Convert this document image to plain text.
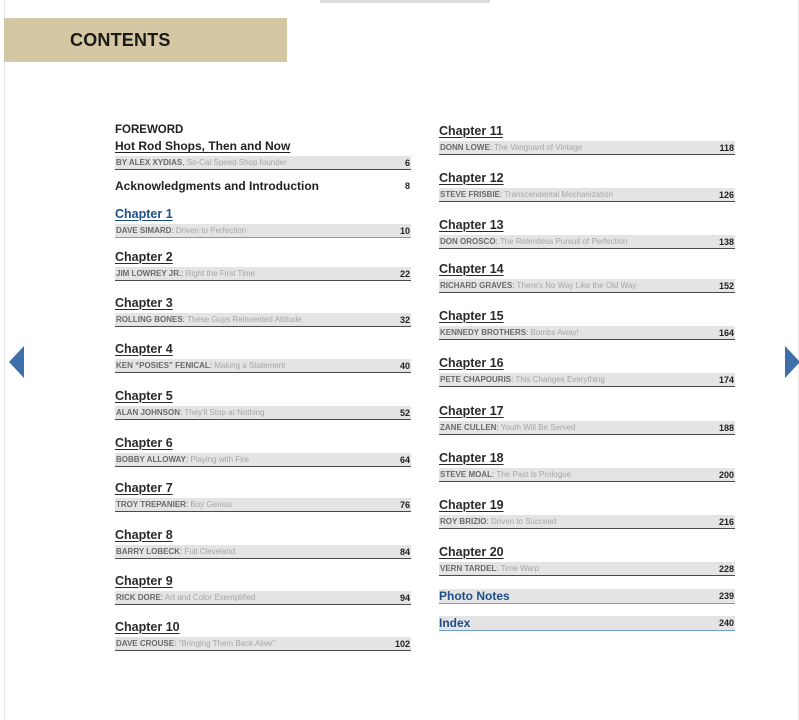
CONTENTS
FOREWORD
Hot Rod Shops, Then and Now
BY ALEX XYDIAS, So-Cal Speed Shop founder	6
Acknowledgments and Introduction	8
Chapter 1
DAVE SIMARD: Driven to Perfection	10
Chapter 2
JIM LOWREY JR.: Right the First Time	22
Chapter 3
ROLLING BONES: These Guys Reinvented Attitude	32
Chapter 4
KEN “POSIES” FENICAL: Making a Statement	40
Chapter 5
ALAN JOHNSON: They'll Stop at Nothing	52
Chapter 6
BOBBY ALLOWAY: Playing with Fire	64
Chapter 7
TROY TREPANIER: Boy Genius	76
Chapter 8
BARRY LOBECK: Full Cleveland	84
Chapter 9
RICK DORE: Art and Color Exemplified	94
Chapter 10
DAVE CROUSE: “Bringing Them Back Alive”	102
Chapter 11
DONN LOWE: The Vanguard of Vintage	118
Chapter 12
STEVE FRISBIE: Transcendental Mechanization	126
Chapter 13
DON OROSCO: The Relentless Pursuit of Perfection	138
Chapter 14
RICHARD GRAVES: There's No Way Like the Old Way	152
Chapter 15
KENNEDY BROTHERS: Bombs Away!	164
Chapter 16
PETE CHAPOURIS: This Changes Everything	174
Chapter 17
ZANE CULLEN: Youth Will Be Served	188
Chapter 18
STEVE MOAL: The Past Is Prologue	200
Chapter 19
ROY BRIZIO: Driven to Succeed	216
Chapter 20
VERN TARDEL: Time Warp	228
Photo Notes	239
Index	240
